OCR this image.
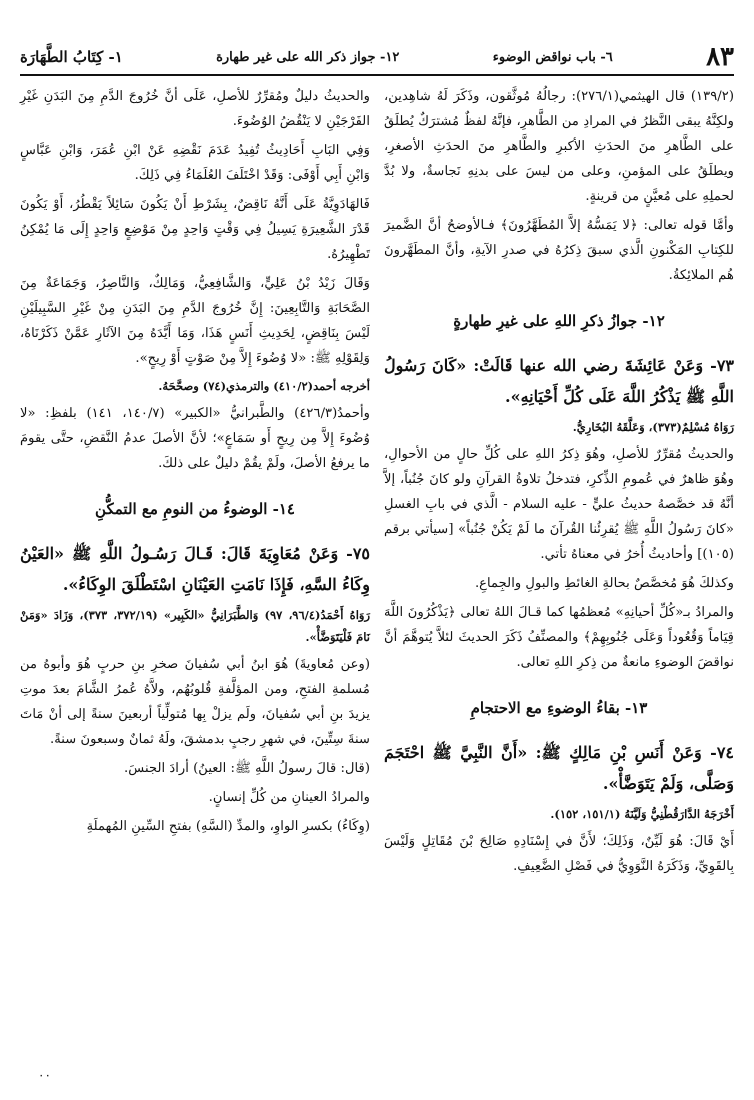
٨٣
٦- باب نواقض الوضوء
١٢- جواز ذكر الله على غير طهارة
١- كِتَابُ الطَّهَارَة

(١٣٩/٢) قال الهيثمي(٢٧٦/١): رجالُهُ مُوثَّقون، وذَكَرَ لَهُ شاهِدين، ولكِنَّهُ يبقى النَّظرُ في المرادِ من الطَّاهرِ، فإنَّهُ لفظٌ مُشترَكٌ يُطلَقُ على الطَّاهرِ منَ الحدَثِ الأكبرِ والطَّاهرِ منَ الحدَثِ الأصغرِ، ويطلَقُ على المؤمنِ، وعلى من ليسَ على بدنِهِ نَجاسةٌ، ولا بُدَّ لحملِهِ على مُعيَّنٍ من قرينةٍ.

وأمَّا قوله تعالى: ﴿لا يَمَسُّهُ إلاَّ المُطَهَّرُونَ﴾ فـالأوضحُ أنَّ الضَّميرَ للكِتابِ المَكْنونِ الَّذي سبقَ ذِكرُهُ في صدرِ الآيةِ، وأنَّ المطَهَّرونَ هُم الملائِكةُ.

١٢- جوازُ ذكرِ اللهِ على غيرِ طهارةٍ

٧٣- وَعَنْ عَائِشَةَ رضي الله عنها قَالَتْ: «كَانَ رَسُولُ اللَّهِ ﷺ يَذْكُرُ اللَّهَ عَلَى كُلِّ أَحْيَانِهِ».

رَوَاهُ مُسْلِمٌ(٣٧٣)، وَعَلَّقَهُ البُخَارِيُّ.

والحديثُ مُقرِّرٌ للأصلِ، وهُوَ ذِكرُ اللهِ على كُلِّ حالٍ من الأحوالِ، وهُوَ ظاهرٌ في عُمومِ الذِّكرِ، فتدخلُ تلاوةُ القرآنِ ولو كانَ جُنُباً، إلاَّ أنَّهُ قد خصَّصهُ حديثُ عليٍّ - عليه السلام - الَّذي في بابِ الغسلِ «كانَ رَسُولُ اللَّهِ ﷺ يُقرِئُنا القُرآنَ ما لَمْ يَكُنْ جُنُباً» [سيأتي برقم (١٠٥)] وأحاديثُ أُخرُ في معناهُ تأتي.

وكذلكَ هُوَ مُخصَّصٌ بحالةِ الغائطِ والبولِ والجِماعِ.

والمرادُ بـ«كُلِّ أحيانِهِ» مُعظمُها كما قـالَ اللهُ تعالى ﴿يَذْكُرُونَ اللَّهَ قِيَاماً وَقُعُوداً وَعَلَى جُنُوبِهِمْ﴾ والمصنِّفُ ذَكَرَ الحديثَ لئلاَّ يُتوهَّمَ أنَّ نواقضَ الوضوءِ مانعةٌ من ذِكرِ اللهِ تعالى.

١٣- بقاءُ الوضوءِ مع الاحتجامِ

٧٤- وَعَنْ أَنَسِ بْنِ مَالِكٍ ﷺ: «أَنَّ النَّبِيَّ ﷺ احْتَجَمَ وَصَلَّى، وَلَمْ يَتَوَضَّأْ».

أَخْرَجَهُ الدَّارَقُطْنِيُّ وَلَيَّنَهُ (١٥١/١، ١٥٢).

أَيْ قَالَ: هُوَ لَيِّنٌ، وَذَلِكَ؛ لأَنَّ في إِسْنَادِهِ صَالِحَ بْنَ مُقَاتِلٍ وَلَيْسَ بِالقَوِيِّ، وَذَكَرَهُ النَّوَوِيُّ في فَصْلِ الضَّعِيفِ.

والحديثُ دليلٌ ومُقرِّرٌ للأصلِ، عَلَى أنَّ خُرُوجَ الدَّمِ مِنَ البَدَنِ غَيْرِ الفَرْجَيْنِ لا يَنْقُضُ الوُضُوءَ.

وَفِي البَابِ أَحَادِيثُ تُفِيدُ عَدَمَ نَقْضِهِ عَنْ ابْنِ عُمَرَ، وَابْنِ عَبَّاسٍ وَابْنِ أَبِي أَوْفَى: وَقَدْ اخْتَلَفَ العُلَمَاءُ فِي ذَلِكَ.

فَالهَادَوِيَّةُ عَلَى أَنَّهُ نَاقِضٌ، بِشَرْطِ أَنْ يَكُونَ سَائِلاً يَقْطُرُ، أَوْ يَكُونَ قَدْرَ الشَّعِيرَةِ يَسِيلُ فِي وَقْتٍ وَاحِدٍ مِنْ مَوْضِعٍ وَاحِدٍ إِلَى مَا يُمْكِنُ تَطْهِيرُهُ.

وَقَالَ زَيْدُ بْنُ عَلِيٍّ، وَالشَّافِعِيُّ، وَمَالِكٌ، وَالنَّاصِرُ، وَجَمَاعَةٌ مِنَ الصَّحَابَةِ وَالتَّابِعِينَ: إِنَّ خُرُوجَ الدَّمِ مِنَ البَدَنِ مِنْ غَيْرِ السَّبِيلَيْنِ لَيْسَ بِنَاقِضٍ، لِحَدِيثِ أَنَسٍ هَذَا، وَمَا أَيَّدَهُ مِنَ الآثَارِ عَمَّنْ ذَكَرْنَاهُ، وَلِقَوْلِهِ ﷺ: «لا وُضُوءَ إِلاَّ مِنْ صَوْتٍ أَوْ رِيحٍ».

أخرجه أحمد(٤١٠/٢) والترمذي(٧٤) وصحَّحَهُ.

وأحمدُ(٤٢٦/٣) والطَّبرانيُّ «الكبير» (١٤٠/٧، ١٤١) بلفظِ: «لا وُضُوءَ إِلاَّ مِن رِيحٍ أَو سَمَاعٍ»؛ لأنَّ الأصلَ عدمُ النَّقضِ، حتَّى يقومَ ما يرفعُ الأصلَ، ولَمْ يقُمْ دليلٌ على ذلكَ.

١٤- الوضوءُ من النومِ مع التمكُّنِ

٧٥- وَعَنْ مُعَاوِيَةَ قَالَ: قَـالَ رَسُـولُ اللَّهِ ﷺ «العَيْنُ وِكَاءُ السَّهِ، فَإِذَا نَامَتِ العَيْنَانِ اسْتَطْلَقَ الوِكَاءُ».

رَوَاهُ أَحْمَدُ(٩٦/٤، ٩٧) وَالطَّبَرَانِيُّ «الكَبِير» (٣٧٢/١٩، ٣٧٣)، وَزَادَ «وَمَنْ نَامَ فَلْيَتَوَضَّأْ».

(وعن مُعاويةَ) هُوَ ابنُ أبي سُفيانَ صخرِ بنِ حربٍ هُوَ وأبوهُ من مُسلمةِ الفتحِ، ومن المؤلَّفةِ قُلوبُهُم، ولاَّهُ عُمرُ الشَّامَ بعدَ موتِ يزيدَ بنِ أبي سُفيانَ، ولَم يزلْ بِها مُتولِّياً أربعينَ سنةً إلى أنْ مَاتَ سنةَ سِتِّينَ، في شهرِ رجبٍ بدمشقَ، ولَهُ ثمانٌ وسبعونَ سنةً.

(قال: قالَ رسولُ اللَّهِ ﷺ: العينُ) أرادَ الجنسَ.

والمرادُ العينانِ من كُلِّ إنسانٍ.

(وِكَاءُ) بكسرِ الواوِ، والمدِّ (السَّهِ) بفتحِ السِّينِ المُهملَةِ

٠٠
